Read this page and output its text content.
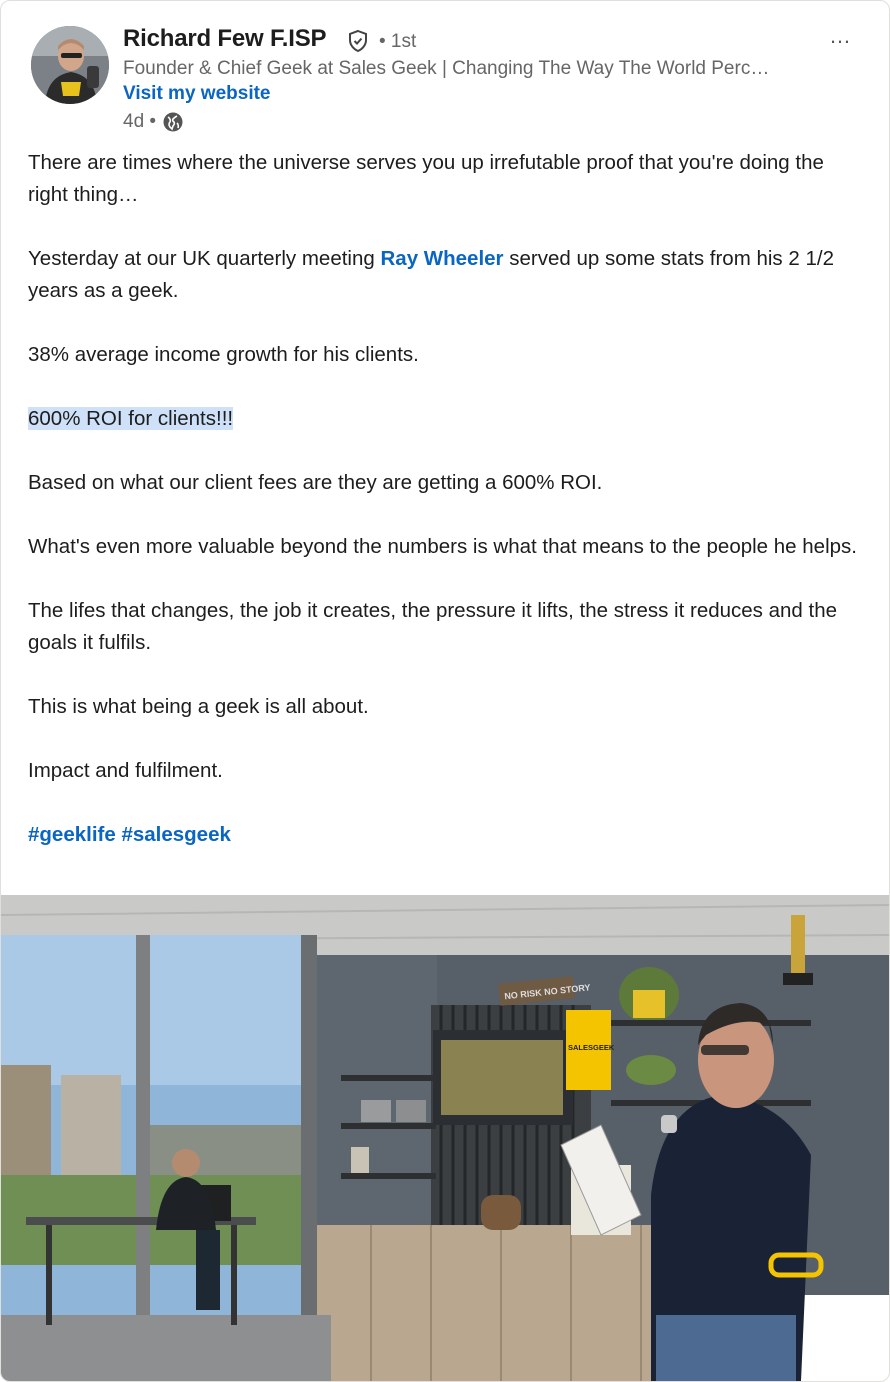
Richard Few F.ISP	• 1st
Founder & Chief Geek at Sales Geek | Changing The Way The World Perc…
Visit my website
4d •
…

There are times where the universe serves you up irrefutable proof that you're doing the right thing…

Yesterday at our UK quarterly meeting Ray Wheeler served up some stats from his 2 1/2 years as a geek.

38% average income growth for his clients.

600% ROI for clients!!!

Based on what our client fees are they are getting a 600% ROI.

What's even more valuable beyond the numbers is what that means to the people he helps.

The lifes that changes, the job it creates, the pressure it lifts, the stress it reduces and the goals it fulfils.

This is what being a geek is all about.

Impact and fulfilment.

#geeklife #salesgeek

NO RISK NO STORY
SALESGEEK
